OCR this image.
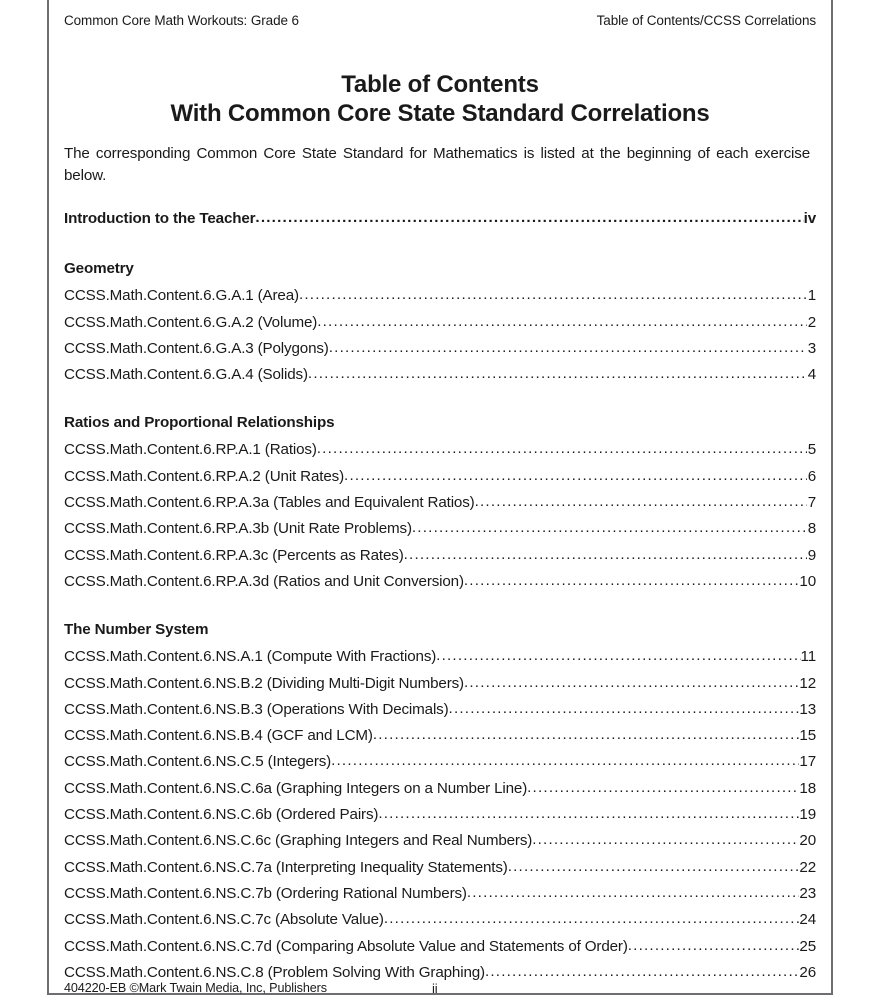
Common Core Math Workouts: Grade 6	Table of Contents/CCSS Correlations
Table of Contents
With Common Core State Standard Correlations
The corresponding Common Core State Standard for Mathematics is listed at the beginning of each exercise below.
Introduction to the Teacher .....	iv
Geometry
CCSS.Math.Content.6.G.A.1 (Area) .....	1
CCSS.Math.Content.6.G.A.2 (Volume) .....	2
CCSS.Math.Content.6.G.A.3 (Polygons) .....	3
CCSS.Math.Content.6.G.A.4 (Solids) .....	4
Ratios and Proportional Relationships
CCSS.Math.Content.6.RP.A.1 (Ratios) .....	5
CCSS.Math.Content.6.RP.A.2 (Unit Rates) .....	6
CCSS.Math.Content.6.RP.A.3a (Tables and Equivalent Ratios) .....	7
CCSS.Math.Content.6.RP.A.3b (Unit Rate Problems) .....	8
CCSS.Math.Content.6.RP.A.3c (Percents as Rates) .....	9
CCSS.Math.Content.6.RP.A.3d (Ratios and Unit Conversion) .....	10
The Number System
CCSS.Math.Content.6.NS.A.1 (Compute With Fractions) .....	11
CCSS.Math.Content.6.NS.B.2 (Dividing Multi-Digit Numbers) .....	12
CCSS.Math.Content.6.NS.B.3 (Operations With Decimals) .....	13
CCSS.Math.Content.6.NS.B.4 (GCF and LCM) .....	15
CCSS.Math.Content.6.NS.C.5 (Integers) .....	17
CCSS.Math.Content.6.NS.C.6a (Graphing Integers on a Number Line) .....	18
CCSS.Math.Content.6.NS.C.6b (Ordered Pairs) .....	19
CCSS.Math.Content.6.NS.C.6c (Graphing Integers and Real Numbers) .....	20
CCSS.Math.Content.6.NS.C.7a (Interpreting Inequality Statements) .....	22
CCSS.Math.Content.6.NS.C.7b (Ordering Rational Numbers) .....	23
CCSS.Math.Content.6.NS.C.7c (Absolute Value) .....	24
CCSS.Math.Content.6.NS.C.7d (Comparing Absolute Value and Statements of Order) .....	25
CCSS.Math.Content.6.NS.C.8 (Problem Solving With Graphing) .....	26
404220-EB ©Mark Twain Media, Inc, Publishers	ii
